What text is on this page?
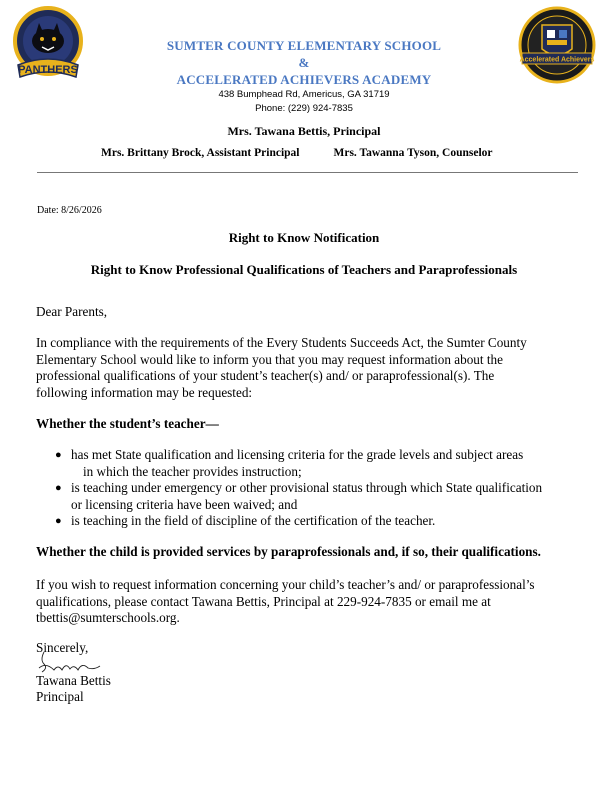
PANTHERS
Accelerated Achievers
SUMTER COUNTY ELEMENTARY SCHOOL
&
ACCELERATED ACHIEVERS ACADEMY
438 Bumphead Rd, Americus, GA 31719
Phone: (229) 924-7835
Mrs. Tawana Bettis, Principal
Mrs. Brittany Brock, Assistant Principal	Mrs. Tawanna Tyson, Counselor
Date: 8/26/2026
Right to Know Notification
Right to Know Professional Qualifications of Teachers and Paraprofessionals
Dear Parents,
In compliance with the requirements of the Every Students Succeeds Act, the Sumter County
Elementary School would like to inform you that you may request information about the
professional qualifications of your student’s teacher(s) and/ or paraprofessional(s). The
following information may be requested:
Whether the student’s teacher—
● has met State qualification and licensing criteria for the grade levels and subject areas
in which the teacher provides instruction;
● is teaching under emergency or other provisional status through which State qualification
or licensing criteria have been waived; and
● is teaching in the field of discipline of the certification of the teacher.
Whether the child is provided services by paraprofessionals and, if so, their qualifications.
If you wish to request information concerning your child’s teacher’s and/ or paraprofessional’s
qualifications, please contact Tawana Bettis, Principal at 229-924-7835 or email me at
tbettis@sumterschools.org.
Sincerely,
Tawana Bettis
Principal
